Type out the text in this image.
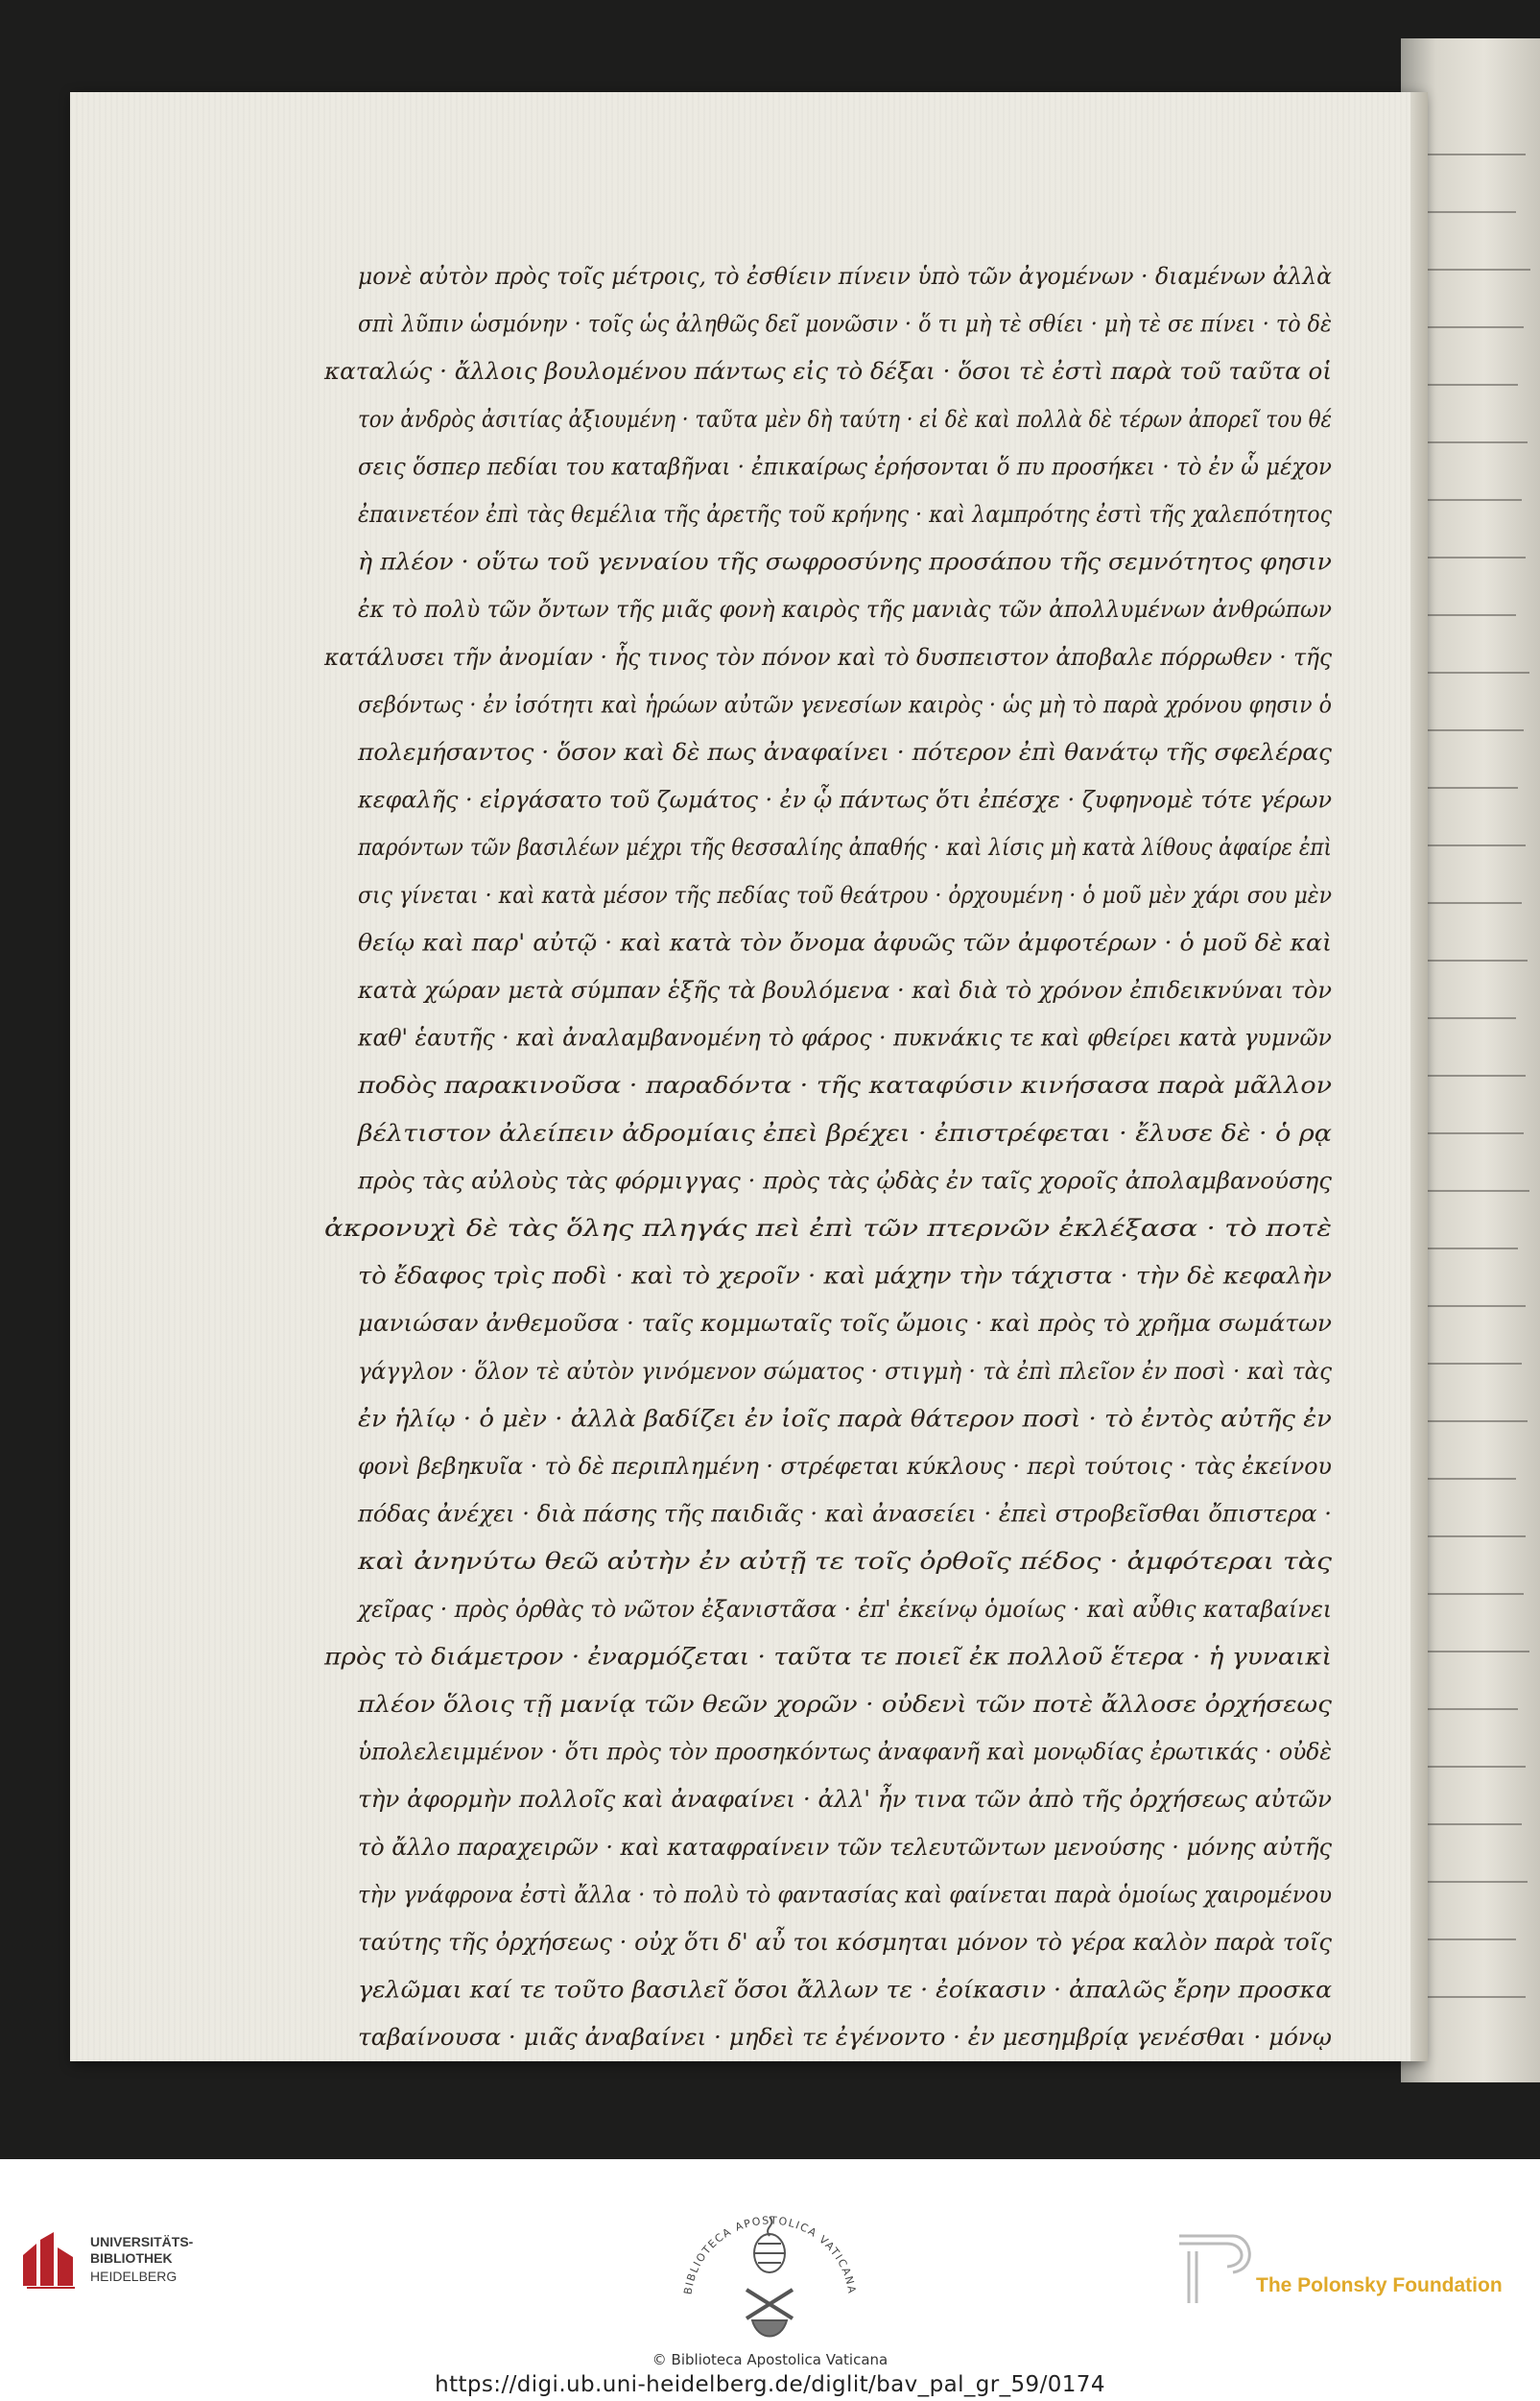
μονὲ αὐτὸν πρὸς τοῖς μέτροις, τὸ ἐσθίειν πίνειν ὑπὸ τῶν ἀγομένων · διαμένων ἀλλὰ
σπὶ λῦπιν ὡσμόνην · τοῖς ὡς ἀληθῶς δεῖ μονῶσιν · ὅ τι μὴ τὲ σθίει · μὴ τὲ σε πίνει · τὸ δὲ
καταλώς · ἄλλοις βουλομένου πάντως εἰς τὸ δέξαι · ὅσοι τὲ ἐστὶ παρὰ τοῦ ταῦτα οἱ
τον ἀνδρὸς ἀσιτίας ἀξιουμένη · ταῦτα μὲν δὴ ταύτη · εἰ δὲ καὶ πολλὰ δὲ τέρων ἀπορεῖ του θέ
σεις ὅσπερ πεδίαι του καταβῆναι · ἐπικαίρως ἐρήσονται ὅ πυ προσήκει · τὸ ἐν ὧ μέχον
ἐπαινετέον ἐπὶ τὰς θεμέλια τῆς ἀρετῆς τοῦ κρήνης · καὶ λαμπρότης ἐστὶ τῆς χαλεπότητος
ὴ πλέον · οὕτω τοῦ γενναίου τῆς σωφροσύνης προσάπου τῆς σεμνότητος φησιν
ἐκ τὸ πολὺ τῶν ὄντων τῆς μιᾶς φονὴ καιρὸς τῆς μανιὰς τῶν ἀπολλυμένων ἀνθρώπων
κατάλυσει τῆν ἀνομίαν · ἧς τινος τὸν πόνον καὶ τὸ δυσπειστον ἀποβαλε πόρρωθεν · τῆς
σεβόντως · ἐν ἰσότητι καὶ ἡρώων αὐτῶν γενεσίων καιρὸς · ὡς μὴ τὸ παρὰ χρόνου φησιν ὁ
πολεμήσαντος · ὅσον καὶ δὲ πως ἀναφαίνει · πότερον ἐπὶ θανάτῳ τῆς σφελέρας
κεφαλῆς · εἰργάσατο τοῦ ζωμάτος · ἐν ᾧ πάντως ὅτι ἐπέσχε · ζυφηνομὲ τότε γέρων
παρόντων τῶν βασιλέων μέχρι τῆς θεσσαλίης ἀπαθής · καὶ λίσις μὴ κατὰ λίθους ἀφαίρε ἐπὶ
σις γίνεται · καὶ κατὰ μέσον τῆς πεδίας τοῦ θεάτρου · ὀρχουμένη · ὁ μοῦ μὲν χάρι σου μὲν
θείῳ καὶ παρ' αὐτῷ · καὶ κατὰ τὸν ὄνομα ἀφυῶς τῶν ἀμφοτέρων · ὁ μοῦ δὲ καὶ
κατὰ χώραν μετὰ σύμπαν ἑξῆς τὰ βουλόμενα · καὶ διὰ τὸ χρόνον ἐπιδεικνύναι τὸν
καθ' ἑαυτῆς · καὶ ἀναλαμβανομένη τὸ φάρος · πυκνάκις τε καὶ φθείρει κατὰ γυμνῶν
ποδὸς παρακινοῦσα · παραδόντα · τῆς καταφύσιν κινήσασα παρὰ μᾶλλον
βέλτιστον ἀλείπειν ἀδρομίαις ἐπεὶ βρέχει · ἐπιστρέφεται · ἔλυσε δὲ · ὁ ρᾳ
πρὸς τὰς αὐλοὺς τὰς φόρμιγγας · πρὸς τὰς ᾠδὰς ἐν ταῖς χοροῖς ἀπολαμβανούσης
ἀκρονυχὶ δὲ τὰς ὅλης πληγάς πεὶ ἐπὶ τῶν πτερνῶν ἐκλέξασα · τὸ ποτὲ
τὸ ἔδαφος τρὶς ποδὶ · καὶ τὸ χεροῖν · καὶ μάχην τὴν τάχιστα · τὴν δὲ κεφαλὴν
μανιώσαν ἀνθεμοῦσα · ταῖς κομμωταῖς τοῖς ὤμοις · καὶ πρὸς τὸ χρῆμα σωμάτων
γάγγλον · ὅλον τὲ αὐτὸν γινόμενον σώματος · στιγμὴ · τὰ ἐπὶ πλεῖον ἐν ποσὶ · καὶ τὰς
ἐν ἡλίῳ · ὁ μὲν · ἀλλὰ βαδίζει ἐν ἰοῖς παρὰ θάτερον ποσὶ · τὸ ἐντὸς αὐτῆς ἐν
φονὶ βεβηκυῖα · τὸ δὲ περιπλημένη · στρέφεται κύκλους · περὶ τούτοις · τὰς ἐκείνου
πόδας ἀνέχει · διὰ πάσης τῆς παιδιᾶς · καὶ ἀνασείει · ἐπεὶ στροβεῖσθαι ὄπιστερα ·
καὶ ἀνηνύτω θεῶ αὐτὴν ἐν αὐτῇ τε τοῖς ὀρθοῖς πέδος · ἀμφότεραι τὰς
χεῖρας · πρὸς ὀρθὰς τὸ νῶτον ἐξανιστᾶσα · ἐπ' ἐκείνῳ ὁμοίως · καὶ αὖθις καταβαίνει
πρὸς τὸ διάμετρον · ἐναρμόζεται · ταῦτα τε ποιεῖ ἐκ πολλοῦ ἕτερα · ἡ γυναικὶ
πλέον ὅλοις τῇ μανίᾳ τῶν θεῶν χορῶν · οὐδενὶ τῶν ποτὲ ἄλλοσε ὀρχήσεως
ὑπολελειμμένον · ὅτι πρὸς τὸν προσηκόντως ἀναφανῆ καὶ μονῳδίας ἐρωτικάς · οὐδὲ
τὴν ἀφορμὴν πολλοῖς καὶ ἀναφαίνει · ἀλλ' ἦν τινα τῶν ἀπὸ τῆς ὀρχήσεως αὐτῶν
τὸ ἄλλο παραχειρῶν · καὶ καταφραίνειν τῶν τελευτῶντων μενούσης · μόνης αὐτῆς
τὴν γνάφρονα ἐστὶ ἄλλα · τὸ πολὺ τὸ φαντασίας καὶ φαίνεται παρὰ ὁμοίως χαιρομένου
ταύτης τῆς ὀρχήσεως · οὐχ ὅτι δ' αὖ τοι κόσμηται μόνον τὸ γέρα καλὸν παρὰ τοῖς
γελῶμαι καί τε τοῦτο βασιλεῖ ὅσοι ἄλλων τε · ἐοίκασιν · ἀπαλῶς ἔρην προσκα
ταβαίνουσα · μιᾶς ἀναβαίνει · μηδεὶ τε ἐγένοντο · ἐν μεσημβρίᾳ γενέσθαι · μόνῳ
UNIVERSITÄTS-
BIBLIOTHEK
HEIDELBERG
BIBLIOTECA APOSTOLICA VATICANA	The Polonsky Foundation
© Biblioteca Apostolica Vaticana
https://digi.ub.uni-heidelberg.de/diglit/bav_pal_gr_59/0174
